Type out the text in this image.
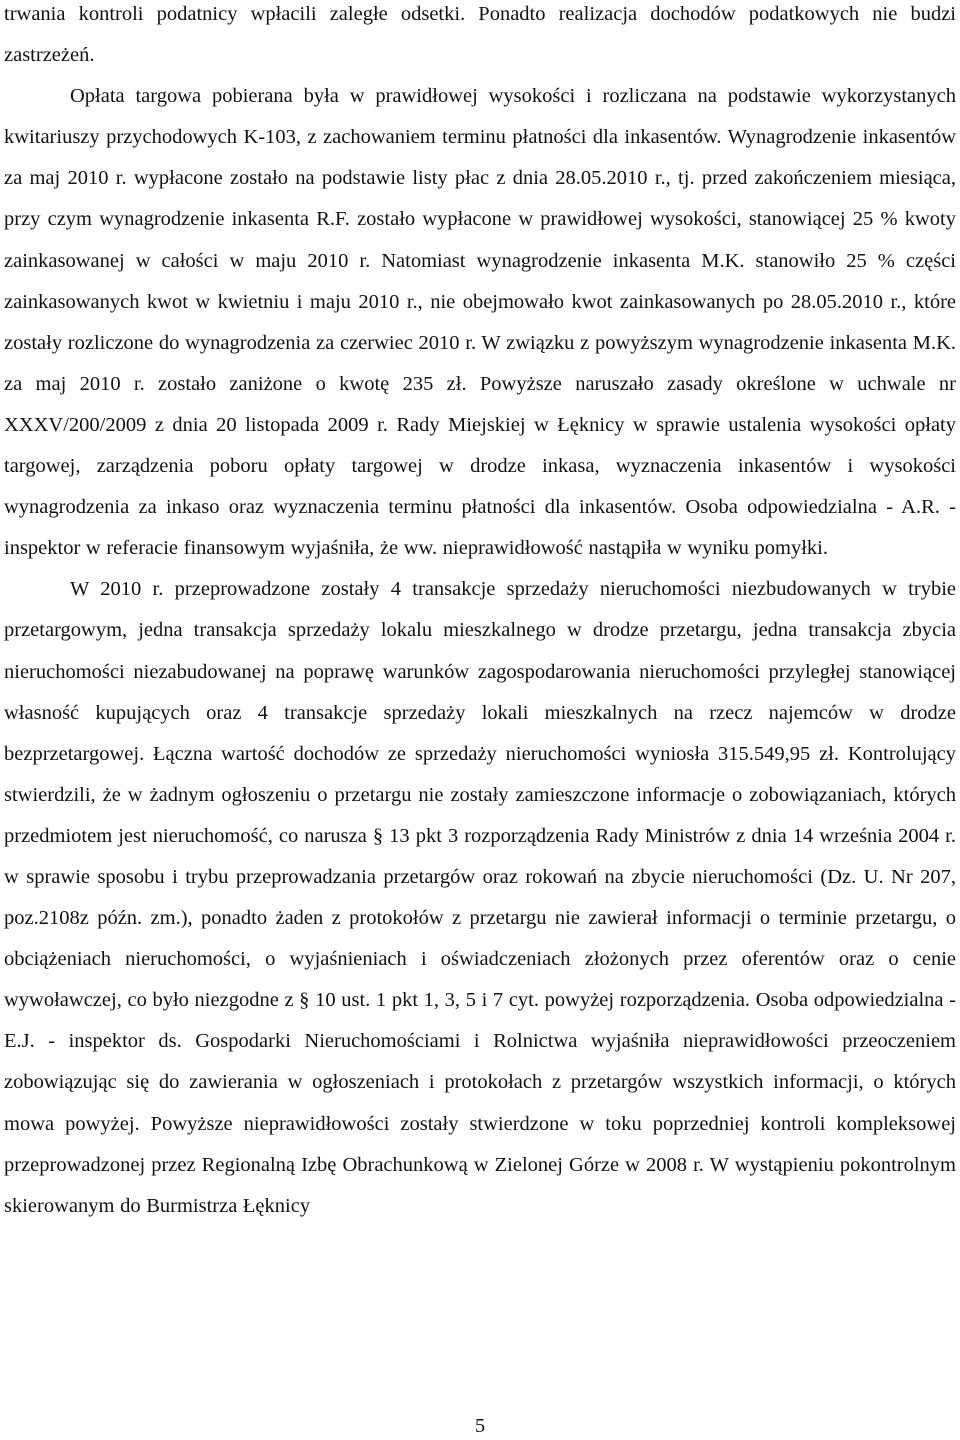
trwania kontroli podatnicy wpłacili zaległe odsetki. Ponadto realizacja dochodów podatkowych nie budzi zastrzeżeń.

Opłata targowa pobierana była w prawidłowej wysokości i rozliczana na podstawie wykorzystanych kwitariuszy przychodowych K-103, z zachowaniem terminu płatności dla inkasentów. Wynagrodzenie inkasentów za maj 2010 r. wypłacone zostało na podstawie listy płac z dnia 28.05.2010 r., tj. przed zakończeniem miesiąca, przy czym wynagrodzenie inkasenta R.F. zostało wypłacone w prawidłowej wysokości, stanowiącej 25 % kwoty zainkasowanej w całości w maju 2010 r. Natomiast wynagrodzenie inkasenta M.K. stanowiło 25 % części zainkasowanych kwot w kwietniu i maju 2010 r., nie obejmowało kwot zainkasowanych po 28.05.2010 r., które zostały rozliczone do wynagrodzenia za czerwiec 2010 r. W związku z powyższym wynagrodzenie inkasenta M.K. za maj 2010 r. zostało zaniżone o kwotę 235 zł. Powyższe naruszało zasady określone w uchwale nr XXXV/200/2009 z dnia 20 listopada 2009 r. Rady Miejskiej w Łęknicy w sprawie ustalenia wysokości opłaty targowej, zarządzenia poboru opłaty targowej w drodze inkasa, wyznaczenia inkasentów i wysokości wynagrodzenia za inkaso oraz wyznaczenia terminu płatności dla inkasentów. Osoba odpowiedzialna - A.R. - inspektor w referacie finansowym wyjaśniła, że ww. nieprawidłowość nastąpiła w wyniku pomyłki.

W 2010 r. przeprowadzone zostały 4 transakcje sprzedaży nieruchomości niezbudowanych w trybie przetargowym, jedna transakcja sprzedaży lokalu mieszkalnego w drodze przetargu, jedna transakcja zbycia nieruchomości niezabudowanej na poprawę warunków zagospodarowania nieruchomości przyległej stanowiącej własność kupujących oraz 4 transakcje sprzedaży lokali mieszkalnych na rzecz najemców w drodze bezprzetargowej. Łączna wartość dochodów ze sprzedaży nieruchomości wyniosła 315.549,95 zł. Kontrolujący stwierdzili, że w żadnym ogłoszeniu o przetargu nie zostały zamieszczone informacje o zobowiązaniach, których przedmiotem jest nieruchomość, co narusza § 13 pkt 3 rozporządzenia Rady Ministrów z dnia 14 września 2004 r. w sprawie sposobu i trybu przeprowadzania przetargów oraz rokowań na zbycie nieruchomości (Dz. U. Nr 207, poz.2108z późn. zm.), ponadto żaden z protokołów z przetargu nie zawierał informacji o terminie przetargu, o obciążeniach nieruchomości, o wyjaśnieniach i oświadczeniach złożonych przez oferentów oraz o cenie wywoławczej, co było niezgodne z § 10 ust. 1 pkt 1, 3, 5 i 7 cyt. powyżej rozporządzenia. Osoba odpowiedzialna - E.J. - inspektor ds. Gospodarki Nieruchomościami i Rolnictwa wyjaśniła nieprawidłowości przeoczeniem zobowiązując się do zawierania w ogłoszeniach i protokołach z przetargów wszystkich informacji, o których mowa powyżej. Powyższe nieprawidłowości zostały stwierdzone w toku poprzedniej kontroli kompleksowej przeprowadzonej przez Regionalną Izbę Obrachunkową w Zielonej Górze w 2008 r. W wystąpieniu pokontrolnym skierowanym do Burmistrza Łęknicy

5
